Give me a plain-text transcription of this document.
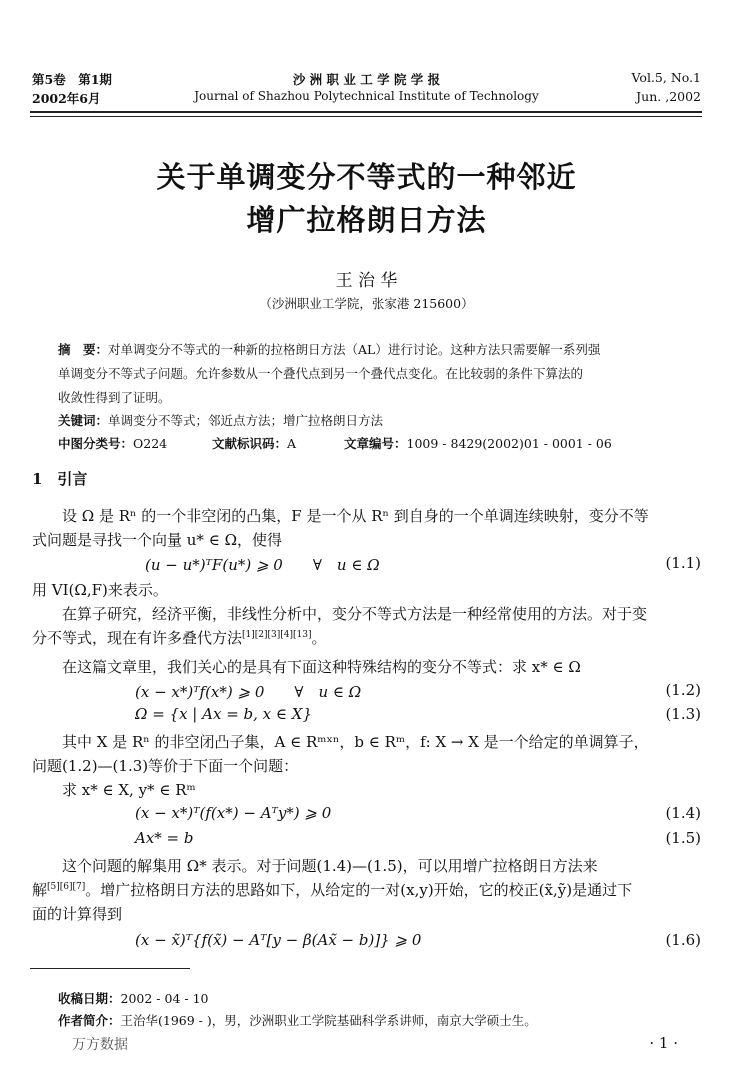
第5卷　第1期
2002年6月
沙 洲 职 业 工 学 院 学 报
Journal of Shazhou Polytechnical Institute of Technology
Vol.5, No.1
Jun. ,2002
关于单调变分不等式的一种邻近
增广拉格朗日方法
王 治 华
（沙洲职业工学院，张家港 215600）
摘　要：对单调变分不等式的一种新的拉格朗日方法（AL）进行讨论。这种方法只需要解一系列强
单调变分不等式子问题。允许参数从一个叠代点到另一个叠代点变化。在比较弱的条件下算法的
收敛性得到了证明。
关键词：单调变分不等式；邻近点方法；增广拉格朗日方法
中图分类号：O224	文献标识码：A	文章编号：1009 - 8429(2002)01 - 0001 - 06
1　引言
设 Ω 是 Rⁿ 的一个非空闭的凸集，F 是一个从 Rⁿ 到自身的一个单调连续映射，变分不等
式问题是寻找一个向量 u* ∈ Ω，使得
(u − u*)ᵀF(u*) ⩾ 0　　∀　u ∈ Ω	(1.1)
用 VI(Ω,F)来表示。
在算子研究，经济平衡，非线性分析中，变分不等式方法是一种经常使用的方法。对于变
分不等式，现在有许多叠代方法[1][2][3][4][13]。
在这篇文章里，我们关心的是具有下面这种特殊结构的变分不等式：求 x* ∈ Ω
(x − x*)ᵀf(x*) ⩾ 0　　∀　u ∈ Ω	(1.2)
Ω = {x | Ax = b, x ∈ X}	(1.3)
其中 X 是 Rⁿ 的非空闭凸子集，A ∈ Rᵐˣⁿ，b ∈ Rᵐ，f: X → X 是一个给定的单调算子，
问题(1.2)—(1.3)等价于下面一个问题：
求 x* ∈ X, y* ∈ Rᵐ
(x − x*)ᵀ(f(x*) − Aᵀy*) ⩾ 0	(1.4)
Ax* = b	(1.5)
这个问题的解集用 Ω* 表示。对于问题(1.4)—(1.5)，可以用增广拉格朗日方法来
解[5][6][7]。增广拉格朗日方法的思路如下，从给定的一对(x,y)开始，它的校正(x̃,ỹ)是通过下
面的计算得到
(x − x̃)ᵀ{f(x̃) − Aᵀ[y − β(Ax̃ − b)]} ⩾ 0	(1.6)
收稿日期：2002 - 04 - 10
作者简介：王治华(1969 - )，男，沙洲职业工学院基础科学系讲师，南京大学硕士生。
万方数据	· 1 ·
